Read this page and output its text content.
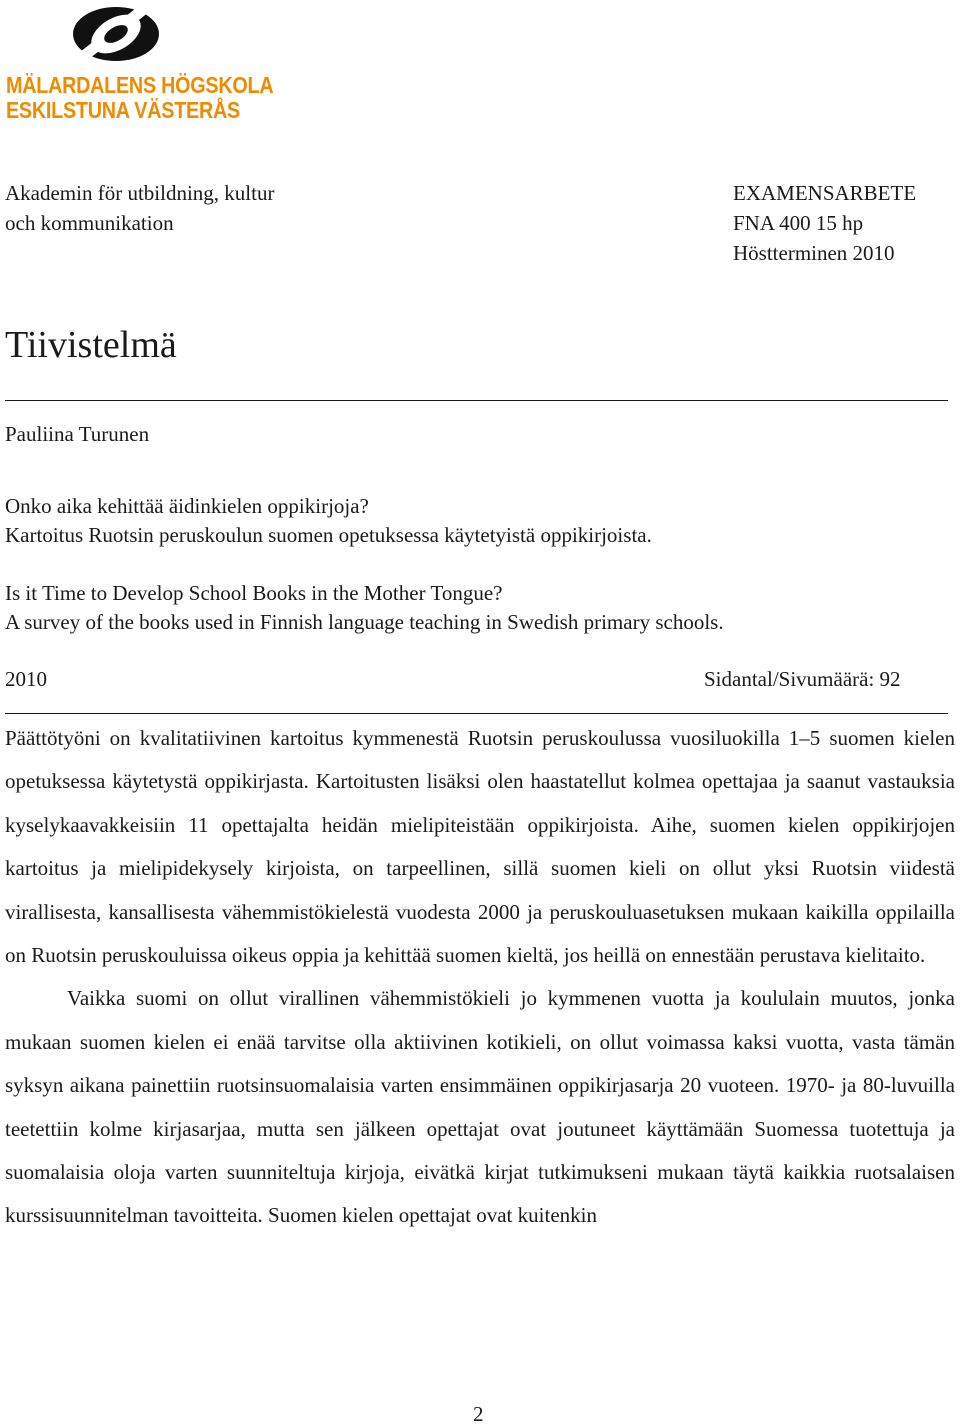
MÄLARDALENS HÖGSKOLA
ESKILSTUNA VÄSTERÅS
Akademin för utbildning, kultur
och kommunikation
EXAMENSARBETE
FNA 400 15 hp
Höstterminen 2010
Tiivistelmä
Pauliina Turunen
Onko aika kehittää äidinkielen oppikirjoja?
Kartoitus Ruotsin peruskoulun suomen opetuksessa käytetyistä oppikirjoista.
Is it Time to Develop School Books in the Mother Tongue?
A survey of the books used in Finnish language teaching in Swedish primary schools.
2010	Sidantal/Sivumäärä: 92

Päättötyöni on kvalitatiivinen kartoitus kymmenestä Ruotsin peruskoulussa vuosiluokilla 1–5 suomen kielen opetuksessa käytetystä oppikirjasta. Kartoitusten lisäksi olen haastatellut kolmea opettajaa ja saanut vastauksia kyselykaavakkeisiin 11 opettajalta heidän mielipiteistään oppikirjoista. Aihe, suomen kielen oppikirjojen kartoitus ja mielipidekysely kirjoista, on tarpeellinen, sillä suomen kieli on ollut yksi Ruotsin viidestä virallisesta, kansallisesta vähemmistökielestä vuodesta 2000 ja peruskouluasetuksen mukaan kaikilla oppilailla on Ruotsin peruskouluissa oikeus oppia ja kehittää suomen kieltä, jos heillä on ennestään perustava kielitaito.

Vaikka suomi on ollut virallinen vähemmistökieli jo kymmenen vuotta ja koululain muutos, jonka mukaan suomen kielen ei enää tarvitse olla aktiivinen kotikieli, on ollut voimassa kaksi vuotta, vasta tämän syksyn aikana painettiin ruotsinsuomalaisia varten ensimmäinen oppikirjasarja 20 vuoteen. 1970- ja 80-luvuilla teetettiin kolme kirjasarjaa, mutta sen jälkeen opettajat ovat joutuneet käyttämään Suomessa tuotettuja ja suomalaisia oloja varten suunniteltuja kirjoja, eivätkä kirjat tutkimukseni mukaan täytä kaikkia ruotsalaisen kurssisuunnitelman tavoitteita. Suomen kielen opettajat ovat kuitenkin

2
